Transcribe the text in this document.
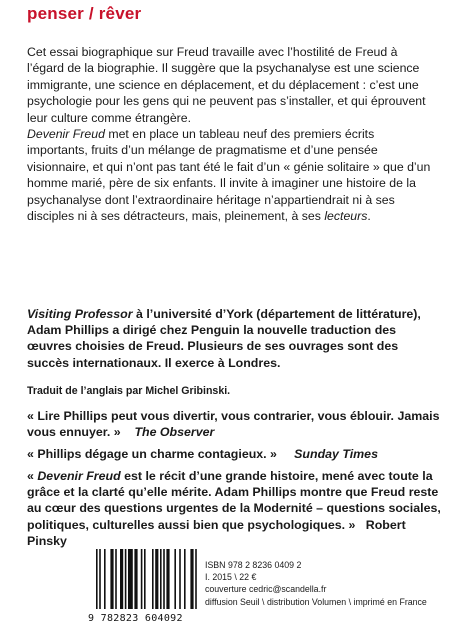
penser / rêver

Cet essai biographique sur Freud travaille avec l’hostilité de Freud à l’égard de la biographie. Il suggère que la psychanalyse est une science immigrante, une science en déplacement, et du déplacement : c’est une psychologie pour les gens qui ne peuvent pas s’installer, et qui éprouvent leur culture comme étrangère.

Devenir Freud met en place un tableau neuf des premiers écrits importants, fruits d’un mélange de pragmatisme et d’une pensée visionnaire, et qui n’ont pas tant été le fait d’un « génie solitaire » que d’un homme marié, père de six enfants. Il invite à imaginer une histoire de la psychanalyse dont l’extraordinaire héritage n’appartiendrait ni à ses disciples ni à ses détracteurs, mais, pleinement, à ses lecteurs.

Visiting Professor à l’université d’York (département de littérature), Adam Phillips a dirigé chez Penguin la nouvelle traduction des œuvres choisies de Freud. Plusieurs de ses ouvrages sont des succès internationaux. Il exerce à Londres.

Traduit de l’anglais par Michel Gribinski.

« Lire Phillips peut vous divertir, vous contrarier, vous éblouir. Jamais vous ennuyer. » The Observer

« Phillips dégage un charme contagieux. » Sunday Times

« Devenir Freud est le récit d’une grande histoire, mené avec toute la grâce et la clarté qu’elle mérite. Adam Phillips montre que Freud reste au cœur des questions urgentes de la Modernité – questions sociales, politiques, culturelles aussi bien que psychologiques. » Robert Pinsky

9 782823 604092
ISBN 978 2 8236 0409 2
I. 2015 \ 22 €
couverture cedric@scandella.fr
diffusion Seuil \ distribution Volumen \ imprimé en France
